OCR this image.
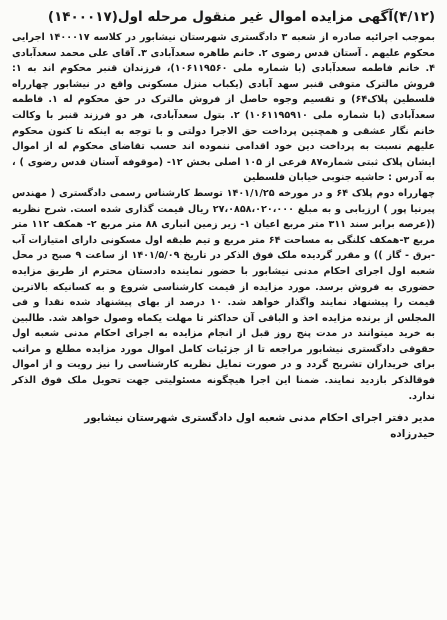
(۴/۱۲)آگهی مزایده اموال غیر منقول مرحله اول(۱۴۰۰۰۱۷)

بموجب اجرائیه صادره از شعبه ۳ دادگستری شهرستان نیشابور در کلاسه ۱۴۰۰۰۱۷ اجرایی محکوم علیهم . آستان قدس رضوی ۲. خانم طاهره سعدآبادی ۳. آقای علی محمد سعدآبادی ۴. خانم فاطمه سعدآبادی (با شماره ملی ۱۰۶۱۱۹۵۶۰)، فرزندان قنبر محکوم اند به ۱: فروش مالترک متوفی قنبر سهد آبادی (یکباب منزل مسکونی واقع در نیشابور چهارراه فلسطین پلاک۶۴) و تقسیم وجوه حاصل از فروش مالترک در حق محکوم له ۱. فاطمه سعدآبادی (با شماره ملی ۱۰۶۱۱۹۵۹۱۰) ۲. بتول سعدآبادی، هر دو فرزند قنبر با وکالت خانم نگار عشقی و همچنین پرداخت حق الاجرا دولتی و با توجه به اینکه تا کنون محکوم علیهم نسبت به پرداخت دین خود اقدامی ننموده اند حسب تقاضای محکوم له از اموال ایشان پلاک ثبتی شماره۸۷ فرعی از ۱۰۵ اصلی بخش ۱۲- (موقوفه آستان قدس رضوی ) ، به آدرس : حاشیه جنوبی خیابان فلسطین

چهارراه دوم پلاک ۶۴ و در مورخه ۱۴۰۱/۱/۲۵ توسط کارشناس رسمی دادگستری ( مهندس پیرنیا پور ) ارزیابی و به مبلغ ۲۷،۰۸۵۸،۰۲۰،۰۰۰ ریال قیمت گذاری شده است. شرح نظریه ((عرصه برابر سند ۳۱۱ متر مربع اعیان ۱- زیر زمین انباری ۸۸ متر مربع ۲- همکف ۱۱۲ متر مربع ۳-همکف کلنگی به مساحت ۶۴ متر مربع و تیم طبقه اول مسکونی دارای امتیازات آب -برق - گاز )) و مقرر گردیده ملک فوق الذکر در تاریخ ۱۴۰۱/۵/۰۹ از ساعت ۹ صبح در محل شعبه اول اجرای احکام مدنی نیشابور با حضور نماینده دادستان محترم از طریق مزایده حضوری به فروش برسد. مورد مزایده از قیمت کارشناسی شروع و به کسانیکه بالاترین قیمت را پیشنهاد نمایند واگذار خواهد شد. ۱۰ درصد از بهای پیشنهاد شده نقدا و فی المجلس از برنده مزایده اخذ و الباقی آن حداکثر تا مهلت یکماه وصول خواهد شد. طالبین به خرید میتوانند در مدت پنج روز قبل از انجام مزایده به اجرای احکام مدنی شعبه اول حقوقی دادگستری نیشابور مراجعه تا از جزئیات کامل اموال مورد مزایده مطلع و مراتب برای خریداران تشریح گردد و در صورت تمایل نظریه کارشناسی را نیز رویت و از اموال فوقالذکر بازدید نمایند. ضمنا این اجرا هیچگونه مسئولیتی جهت تحویل ملک فوق الذکر ندارد.

مدیر دفتر اجرای احکام مدنی شعبه اول دادگستری شهرستان نیشابور
حیدرزاده
